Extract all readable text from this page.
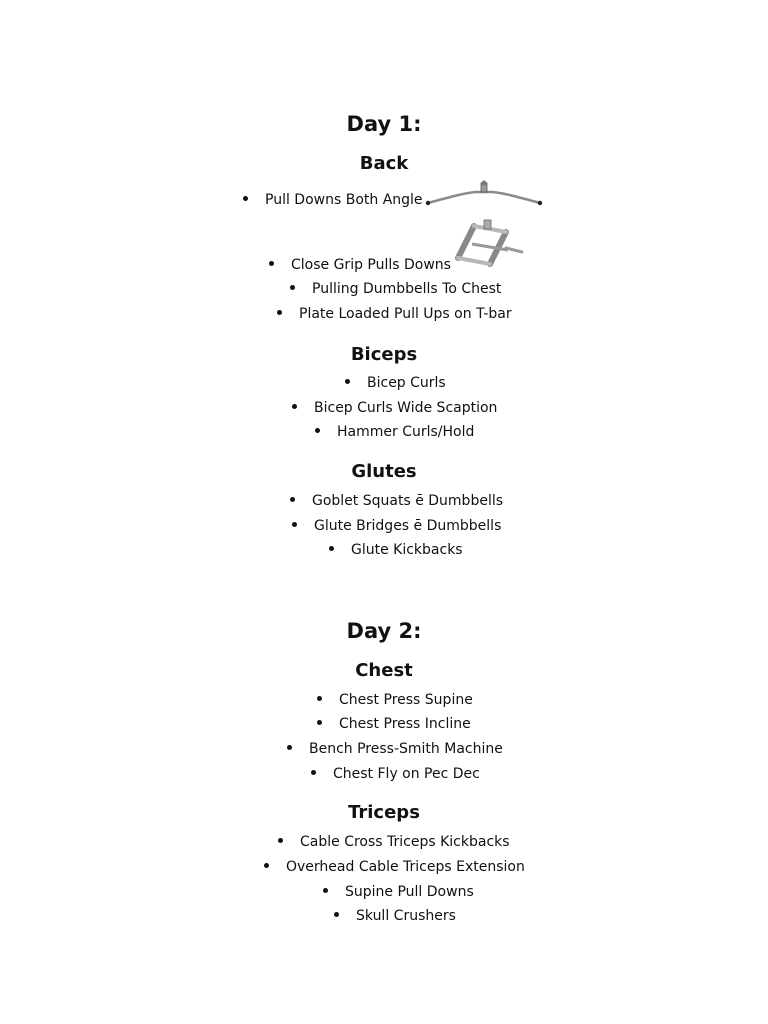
Day 1:
Back
Pull Downs Both Angle
Close Grip Pulls Downs
Pulling Dumbbells To Chest
Plate Loaded Pull Ups on T-bar
Biceps
Bicep Curls
Bicep Curls Wide Scaption
Hammer Curls/Hold
Glutes
Goblet Squats ē Dumbbells
Glute Bridges ē Dumbbells
Glute Kickbacks
Day 2:
Chest
Chest Press Supine
Chest Press Incline
Bench Press-Smith Machine
Chest Fly on Pec Dec
Triceps
Cable Cross Triceps Kickbacks
Overhead Cable Triceps Extension
Supine Pull Downs
Skull Crushers
